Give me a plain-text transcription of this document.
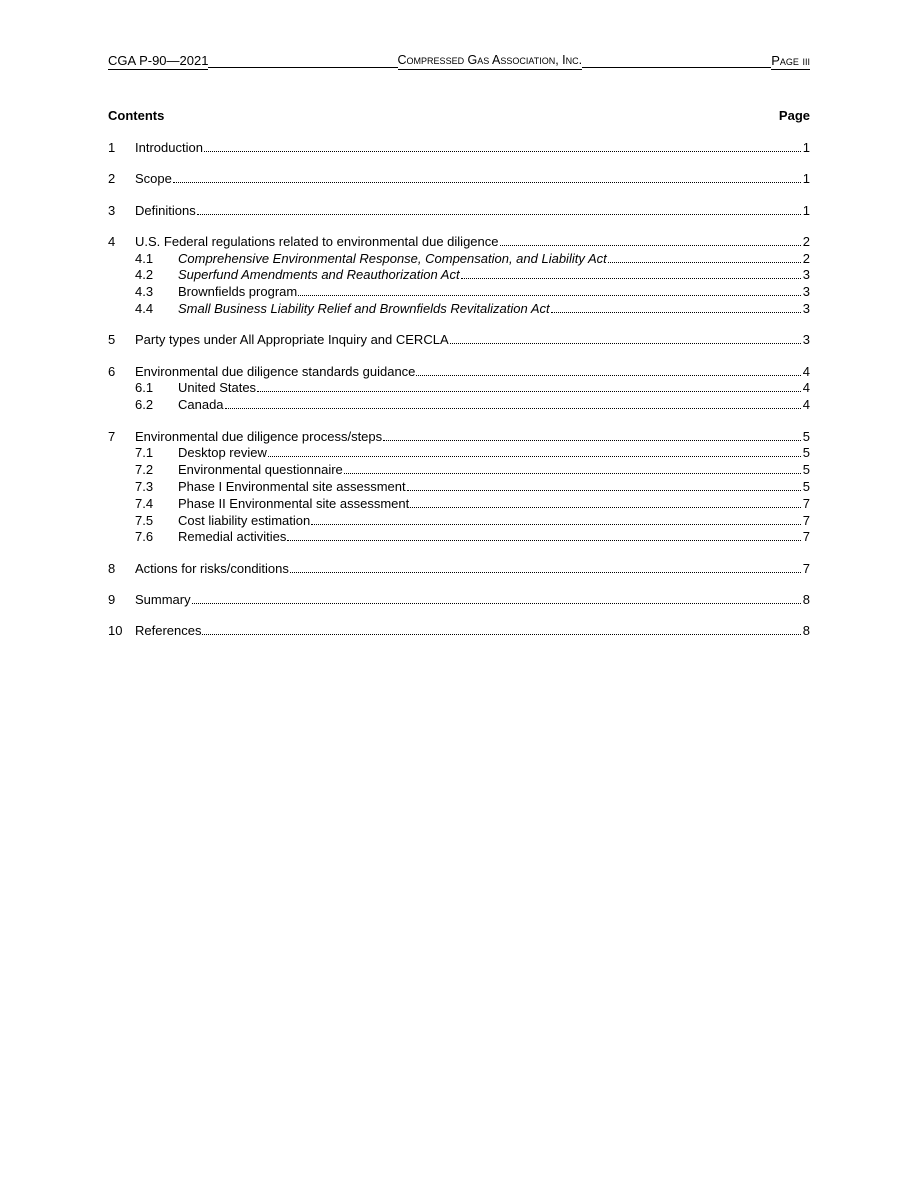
CGA P-90—2021	Compressed Gas Association, Inc.	Page iii
Contents	Page
1	Introduction	1
2	Scope	1
3	Definitions	1
4	U.S. Federal regulations related to environmental due diligence	2
4.1	Comprehensive Environmental Response, Compensation, and Liability Act	2
4.2	Superfund Amendments and Reauthorization Act	3
4.3	Brownfields program	3
4.4	Small Business Liability Relief and Brownfields Revitalization Act	3
5	Party types under All Appropriate Inquiry and CERCLA	3
6	Environmental due diligence standards guidance	4
6.1	United States	4
6.2	Canada	4
7	Environmental due diligence process/steps	5
7.1	Desktop review	5
7.2	Environmental questionnaire	5
7.3	Phase I Environmental site assessment	5
7.4	Phase II Environmental site assessment	7
7.5	Cost liability estimation	7
7.6	Remedial activities	7
8	Actions for risks/conditions	7
9	Summary	8
10 References	8
